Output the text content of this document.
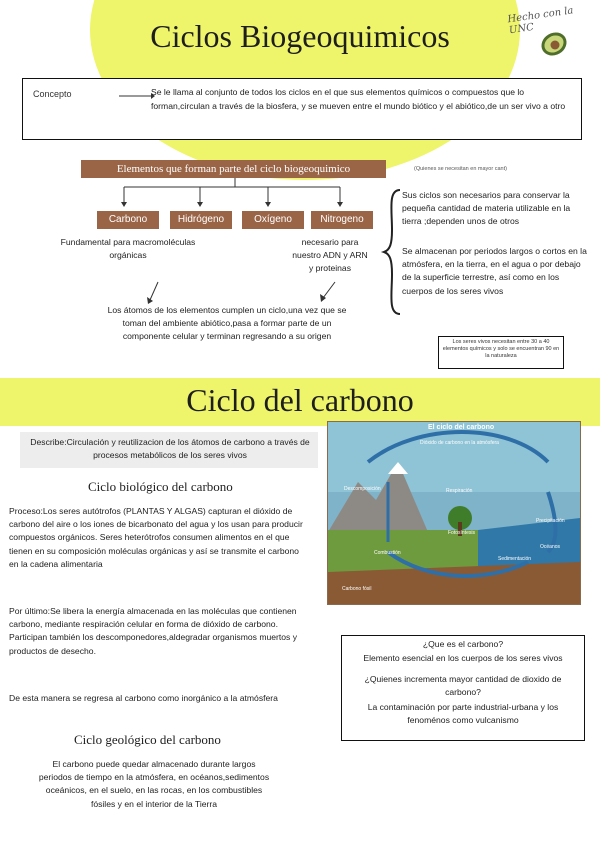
Ciclos Biogeoquimicos
Hecho con la UNC
Concepto	Se le llama al conjunto de todos los ciclos en el que sus elementos químicos o compuestos que lo forman,circulan a través de la biosfera, y se mueven entre el mundo biótico y el abiótico,de un ser vivo a otro
Elementos que forman parte del ciclo biogeoquimico	(Quienes se necesitan en mayor cant)
Carbono	Hidrógeno	Oxígeno	Nitrogeno
Fundamental para macromoléculas orgánicas
necesario para nuestro ADN y ARN y proteinas
Los átomos de los elementos cumplen un ciclo,una vez que se toman del ambiente abiótico,pasa a formar parte de un componente celular y terminan regresando a su origen
Sus ciclos son necesarios para conservar la pequeña cantidad de materia utilizable en la tierra ;dependen unos de otros
Se almacenan por periodos largos o cortos en la atmósfera, en la tierra, en el agua o por debajo de la superficie terrestre, así como en los cuerpos de los seres vivos
Los seres vivos necesitan entre 30 a 40 elementos químicos y solo se encuentran 90 en la naturaleza
Ciclo del carbono
Describe:Circulación y reutilizacion de los átomos de carbono a través de procesos metabólicos de los seres vivos
Ciclo biológico del carbono
Proceso:Los seres autótrofos (PLANTAS Y ALGAS) capturan el dióxido de carbono del aire o los iones de bicarbonato del agua y los usan para producir compuestos orgánicos. Seres heterótrofos consumen alimentos en el que tienen en su composición moléculas orgánicas y así se transmite el carbono en la cadena alimentaria
Por último:Se libera la energía almacenada en las moléculas que contienen carbono, mediante respiración celular en forma de dióxido de carbono. Participan también los descomponedores,aldegradar organismos muertos y productos de desecho.
De esta manera se regresa al carbono como inorgánico a la atmósfera
Ciclo geológico del carbono
El carbono puede quedar almacenado durante largos periodos de tiempo en la atmósfera, en océanos,sedimentos oceánicos, en el suelo, en las rocas, en los combustibles fósiles y en el interior de la Tierra
El ciclo del carbono
Dióxido de carbono en la atmósfera
Descomposición	Respiración
Fotosíntesis
Combustión
Carbono fósil
Océanos
Sedimentación
Precipitación
¿Que es el carbono?
Elemento esencial en los cuerpos de los seres vivos
¿Quienes incrementa mayor cantidad de dioxido de carbono?
La contaminación por parte industrial-urbana y los fenoménos como vulcanismo
